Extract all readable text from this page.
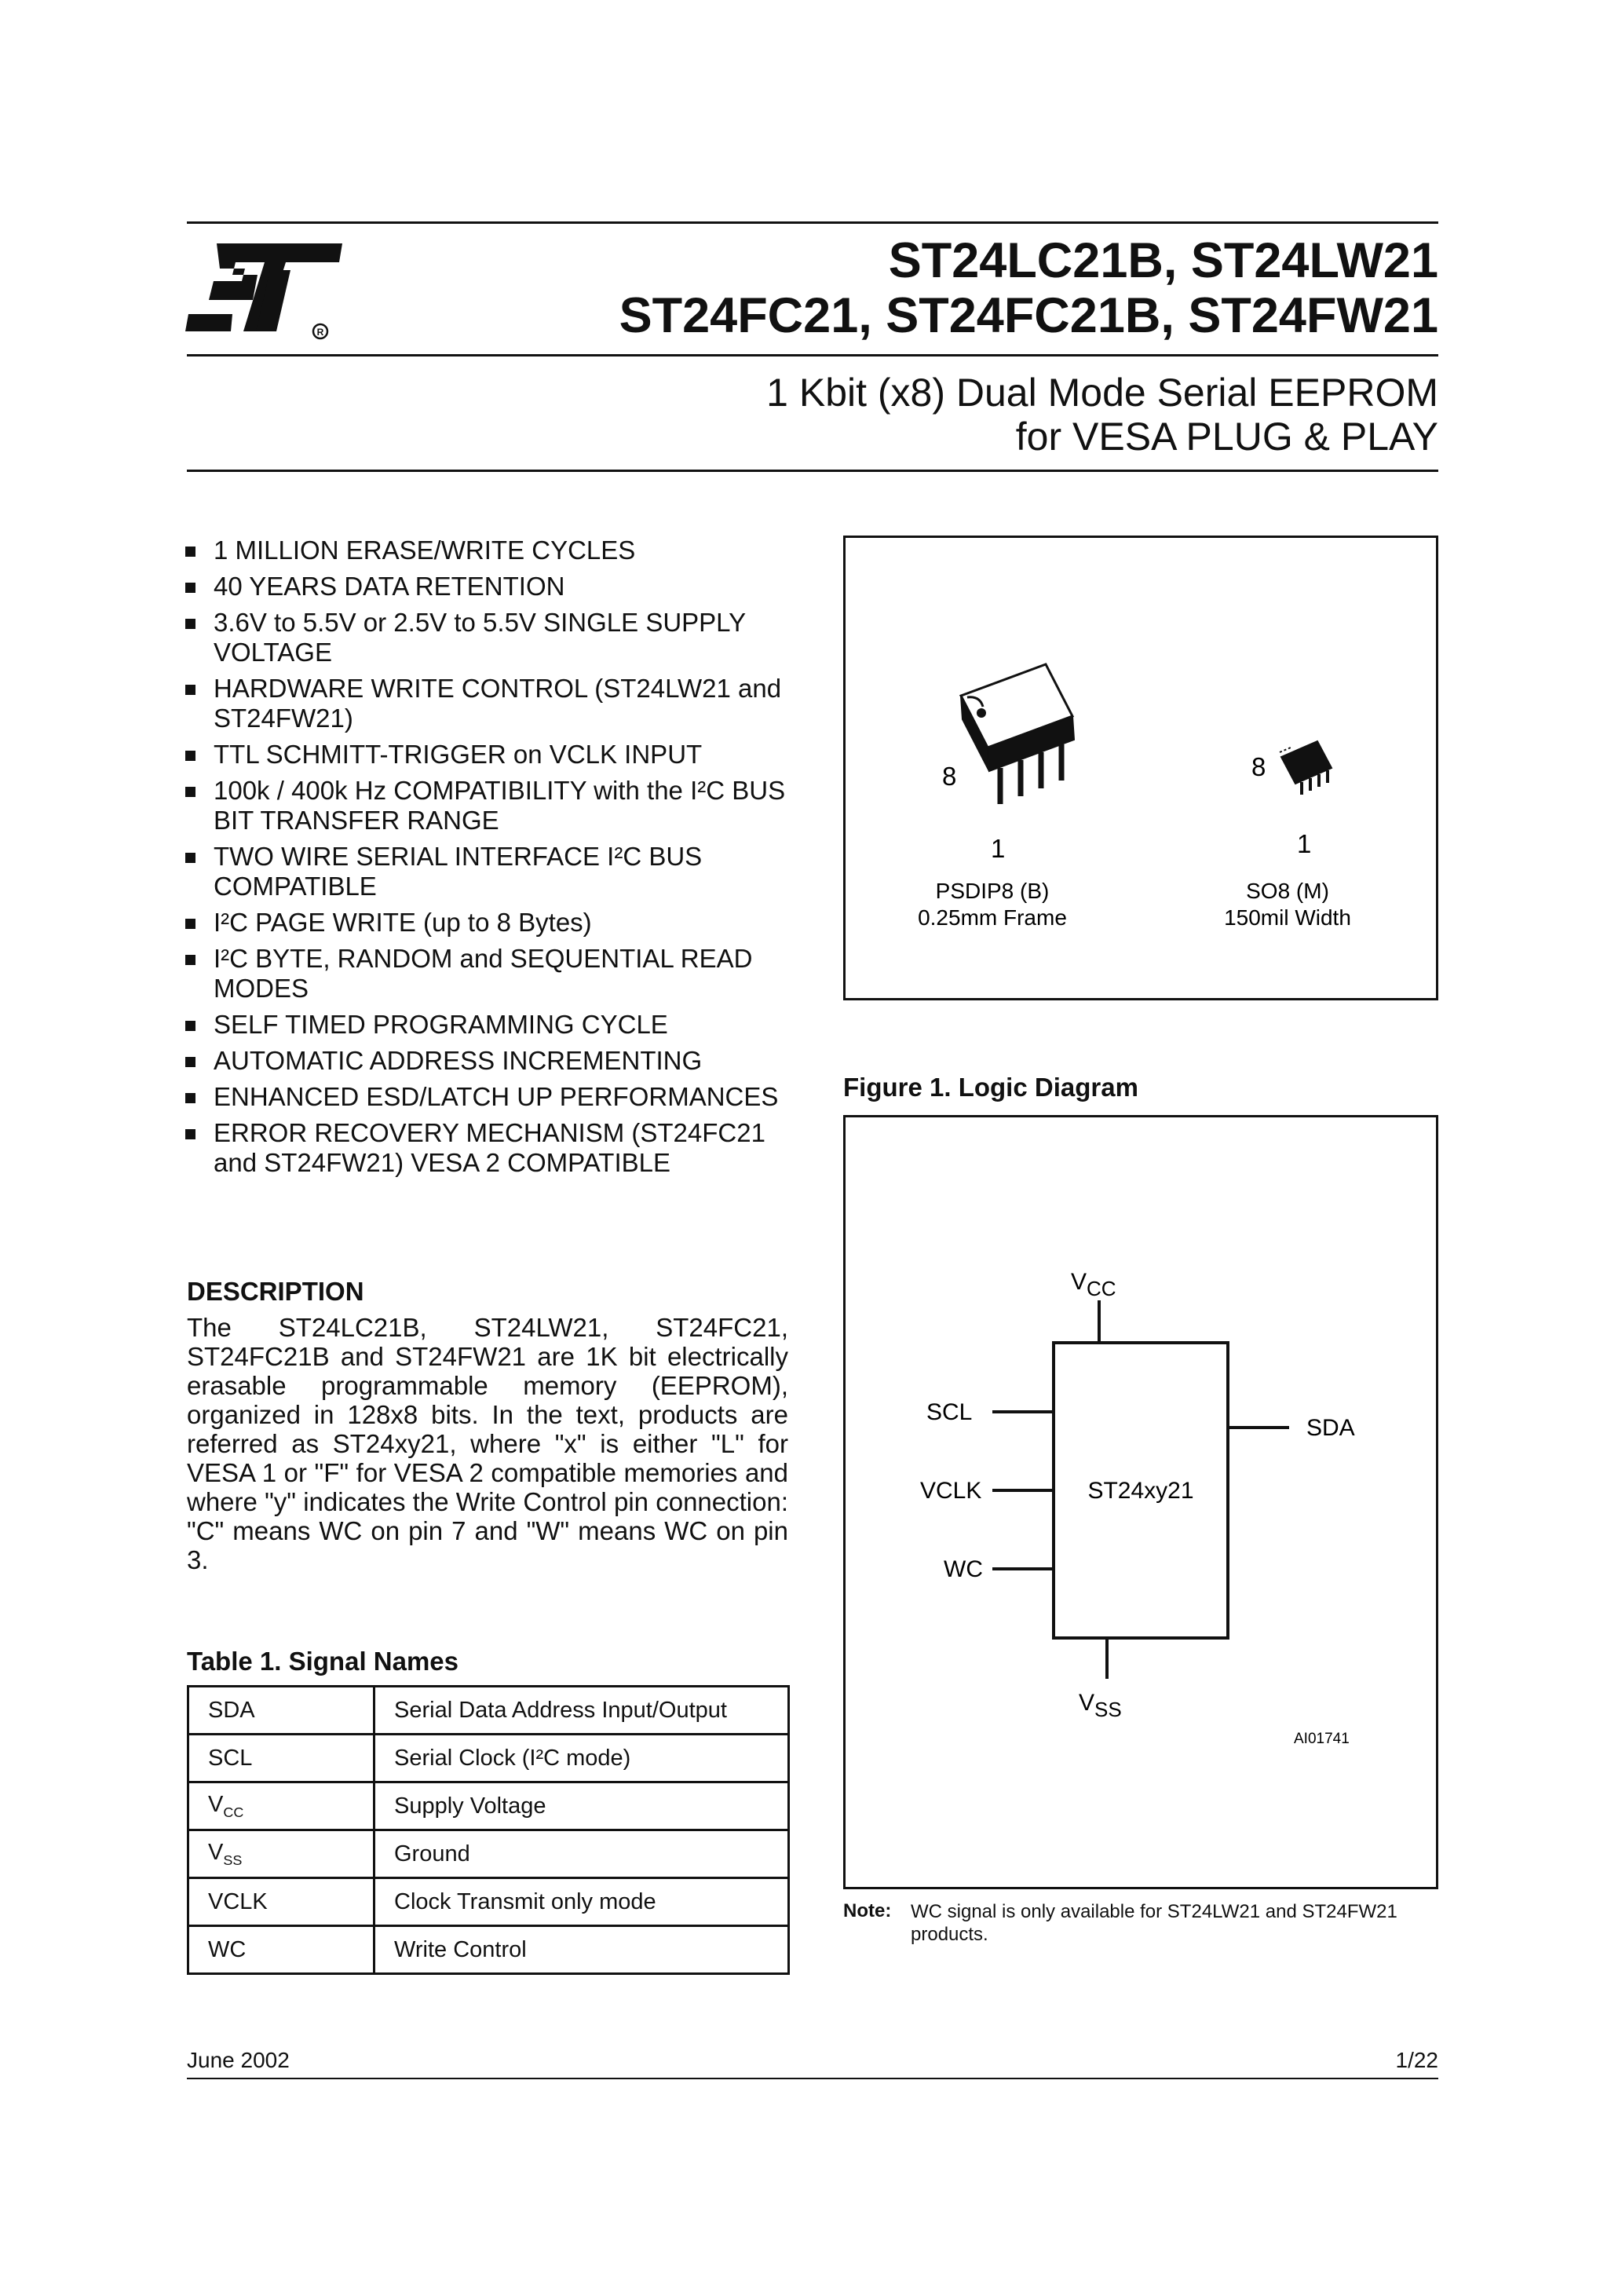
R
ST24LC21B, ST24LW21
ST24FC21, ST24FC21B, ST24FW21
1 Kbit (x8) Dual Mode Serial EEPROM
for VESA PLUG & PLAY
1 MILLION ERASE/WRITE CYCLES
40 YEARS DATA RETENTION
3.6V to 5.5V or 2.5V to 5.5V SINGLE SUPPLY VOLTAGE
HARDWARE WRITE CONTROL (ST24LW21 and ST24FW21)
TTL SCHMITT-TRIGGER on VCLK INPUT
100k / 400k Hz COMPATIBILITY with the I²C BUS BIT TRANSFER RANGE
TWO WIRE SERIAL INTERFACE I²C BUS COMPATIBLE
I²C PAGE WRITE (up to 8 Bytes)
I²C BYTE, RANDOM and SEQUENTIAL READ MODES
SELF TIMED PROGRAMMING CYCLE
AUTOMATIC ADDRESS INCREMENTING
ENHANCED ESD/LATCH UP PERFORMANCES
ERROR RECOVERY MECHANISM (ST24FC21 and ST24FW21) VESA 2 COMPATIBLE
DESCRIPTION

The ST24LC21B, ST24LW21, ST24FC21, ST24FC21B and ST24FW21 are 1K bit electrically erasable programmable memory (EEPROM), organized in 128x8 bits. In the text, products are referred as ST24xy21, where "x" is either "L" for VESA 1 or "F" for VESA 2 compatible memories and where "y" indicates the Write Control pin connection: "C" means WC on pin 7 and "W" means WC on pin 3.

Table 1. Signal Names
SDA	Serial Data Address Input/Output
SCL	Serial Clock (I²C mode)
$V_{CC}$	Supply Voltage
$V_{SS}$	Ground
VCLK	Clock Transmit only mode
WC	Write Control
8
1
PSDIP8 (B)
0.25mm Frame
8
1
SO8 (M)
150mil Width
Figure 1. Logic Diagram
ST24xy21
VCC
VSS
SCL
VCLK
WC
SDA
AI01741
Note: WC signal is only available for ST24LW21 and ST24FW21 products.
June 2002	1/22
